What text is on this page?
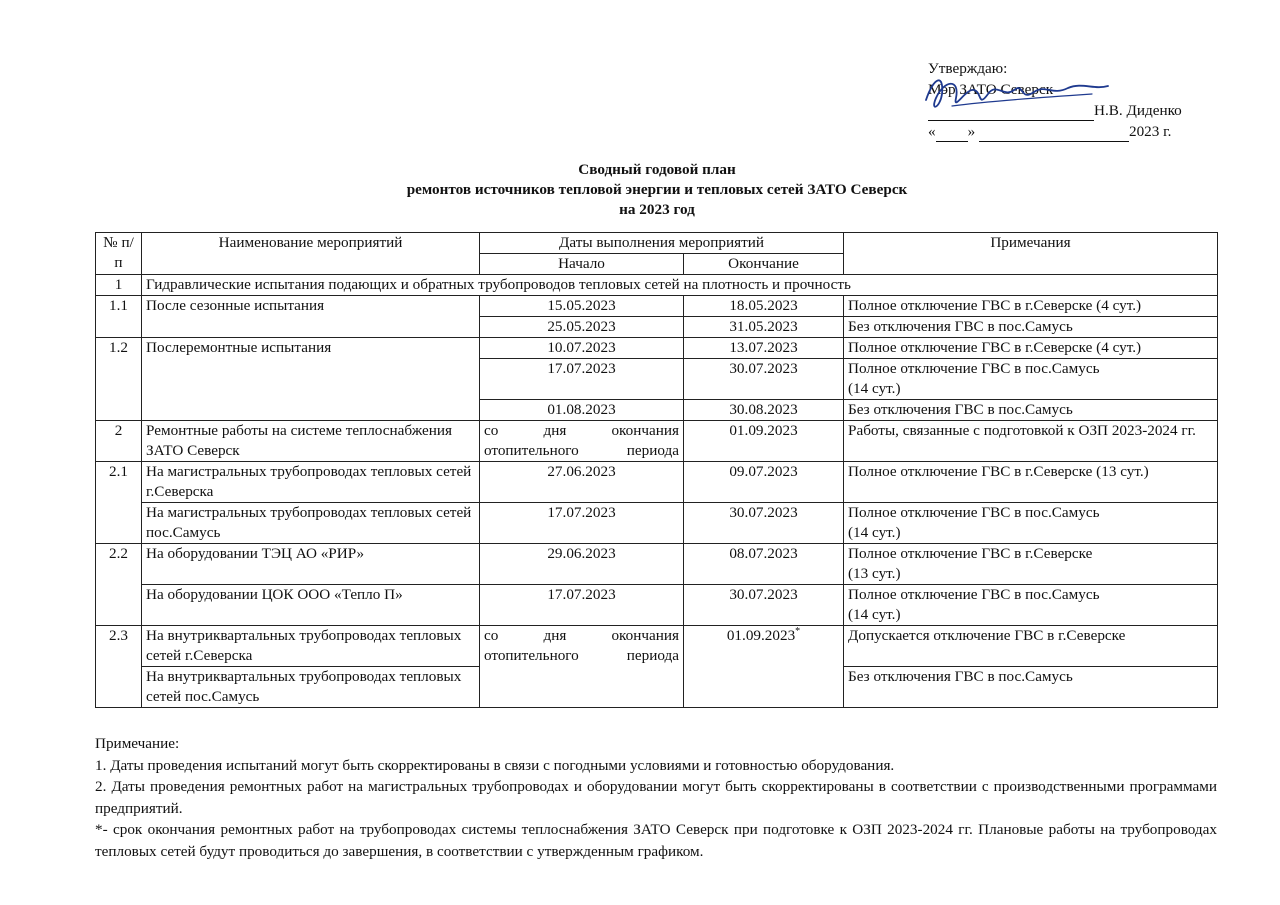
Утверждаю:
Мэр ЗАТО Северск
Н.В. Диденко
« »	2023 г.
Сводный годовой план
ремонтов источников тепловой энергии и тепловых сетей ЗАТО Северск
на 2023 год
№ п/п	Наименование мероприятий	Даты выполнения мероприятий		Примечания
		Начало	Окончание	
1	Гидравлические испытания подающих и обратных трубопроводов тепловых сетей на плотность и прочность			
1.1	После сезонные испытания	15.05.2023	18.05.2023	Полное отключение ГВС в г.Северске (4 сут.)
		25.05.2023	31.05.2023	Без отключения ГВС в пос.Самусь
1.2	Послеремонтные испытания	10.07.2023	13.07.2023	Полное отключение ГВС в г.Северске (4 сут.)
		17.07.2023	30.07.2023	Полное отключение ГВС в пос.Самусь
(14 сут.)

		01.08.2023	30.08.2023	Без отключения ГВС в пос.Самусь
2	Ремонтные работы на системе теплоснабжения ЗАТО Северск	со дня окончания отопительного периода	01.09.2023	Работы, связанные с подготовкой к ОЗП 2023-2024 гг.
2.1	На магистральных трубопроводах тепловых сетей г.Северска	27.06.2023	09.07.2023	Полное отключение ГВС в г.Северске (13 сут.)
	На магистральных трубопроводах тепловых сетей пос.Самусь	17.07.2023	30.07.2023	Полное отключение ГВС в пос.Самусь
(14 сут.)

2.2	На оборудовании ТЭЦ АО «РИР»	29.06.2023	08.07.2023	Полное отключение ГВС в г.Северске
(13 сут.)

	На оборудовании ЦОК ООО «Тепло П»	17.07.2023	30.07.2023	Полное отключение ГВС в пос.Самусь
(14 сут.)

2.3	На внутриквартальных трубопроводах тепловых сетей г.Северска	со дня окончания отопительного периода	01.09.2023*	Допускается отключение ГВС в г.Северске
	На внутриквартальных трубопроводах тепловых сетей пос.Самусь			Без отключения ГВС в пос.Самусь

Примечание:

1. Даты проведения испытаний могут быть скорректированы в связи с погодными условиями и готовностью оборудования.

2. Даты проведения ремонтных работ на магистральных трубопроводах и оборудовании могут быть скорректированы в соответствии с производственными программами предприятий.

*- срок окончания ремонтных работ на трубопроводах системы теплоснабжения ЗАТО Северск при подготовке к ОЗП 2023-2024 гг. Плановые работы на трубопроводах тепловых сетей будут проводиться до завершения, в соответствии с утвержденным графиком.
